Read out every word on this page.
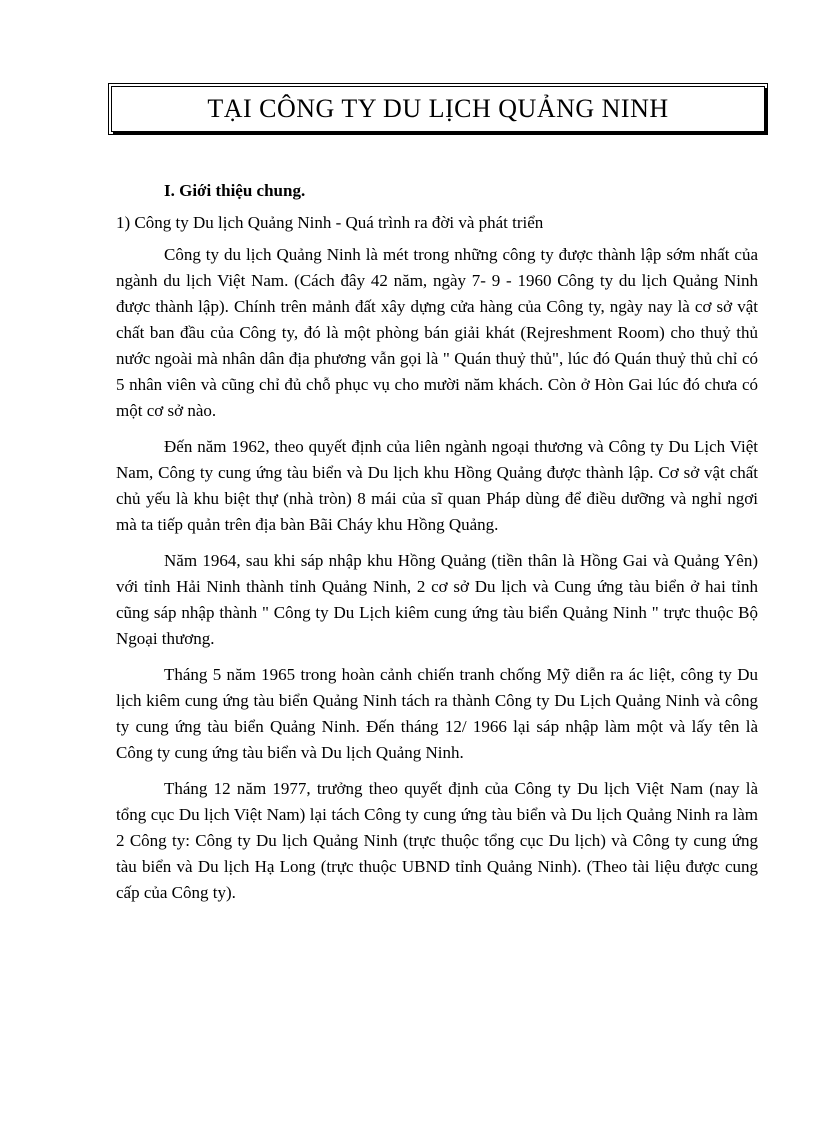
TẠI CÔNG TY DU LỊCH QUẢNG NINH

I. Giới thiệu chung.

1) Công ty Du lịch Quảng Ninh - Quá trình ra đời và phát triển

Công ty du lịch Quảng Ninh là mét trong những công ty được thành lập sớm nhất của ngành du lịch Việt Nam. (Cách đây 42 năm, ngày 7- 9 - 1960 Công ty du lịch Quảng Ninh được thành lập). Chính trên mảnh đất xây dựng cửa hàng của Công ty, ngày nay là cơ sở vật chất ban đầu của Công ty, đó là một phòng bán giải khát (Rejreshment Room) cho thuỷ thủ nước ngoài mà nhân dân địa phương vẫn gọi là " Quán thuỷ thủ", lúc đó Quán thuỷ thủ chỉ có 5 nhân viên và cũng chỉ đủ chỗ phục vụ cho mười năm khách. Còn ở Hòn Gai lúc đó chưa có một cơ sở nào.

Đến năm 1962, theo quyết định của liên ngành ngoại thương và Công ty Du Lịch Việt Nam, Công ty cung ứng tàu biển và Du lịch khu Hồng Quảng được thành lập. Cơ sở vật chất chủ yếu là khu biệt thự (nhà tròn) 8 mái của sĩ quan Pháp dùng để điều dưỡng và nghỉ ngơi mà ta tiếp quản trên địa bàn Bãi Cháy khu Hồng Quảng.

Năm 1964, sau khi sáp nhập khu Hồng Quảng (tiền thân là Hồng Gai và Quảng Yên) với tỉnh Hải Ninh thành tỉnh Quảng Ninh, 2 cơ sở Du lịch và Cung ứng tàu biển ở hai tỉnh cũng sáp nhập thành " Công ty Du Lịch kiêm cung ứng tàu biển Quảng Ninh " trực thuộc Bộ Ngoại thương.

Tháng 5 năm 1965 trong hoàn cảnh chiến tranh chống Mỹ diễn ra ác liệt, công ty Du lịch kiêm cung ứng tàu biển Quảng Ninh tách ra thành Công ty Du Lịch Quảng Ninh và công ty cung ứng tàu biển Quảng Ninh. Đến tháng 12/ 1966 lại sáp nhập làm một và lấy tên là Công ty cung ứng tàu biển và Du lịch Quảng Ninh.

Tháng 12 năm 1977, trưởng theo quyết định của Công ty Du lịch Việt Nam (nay là tổng cục Du lịch Việt Nam) lại tách Công ty cung ứng tàu biển và Du lịch Quảng Ninh ra làm 2 Công ty: Công ty Du lịch Quảng Ninh (trực thuộc tổng cục Du lịch) và Công ty cung ứng tàu biển và Du lịch Hạ Long (trực thuộc UBND tỉnh Quảng Ninh). (Theo tài liệu được cung cấp của Công ty).
